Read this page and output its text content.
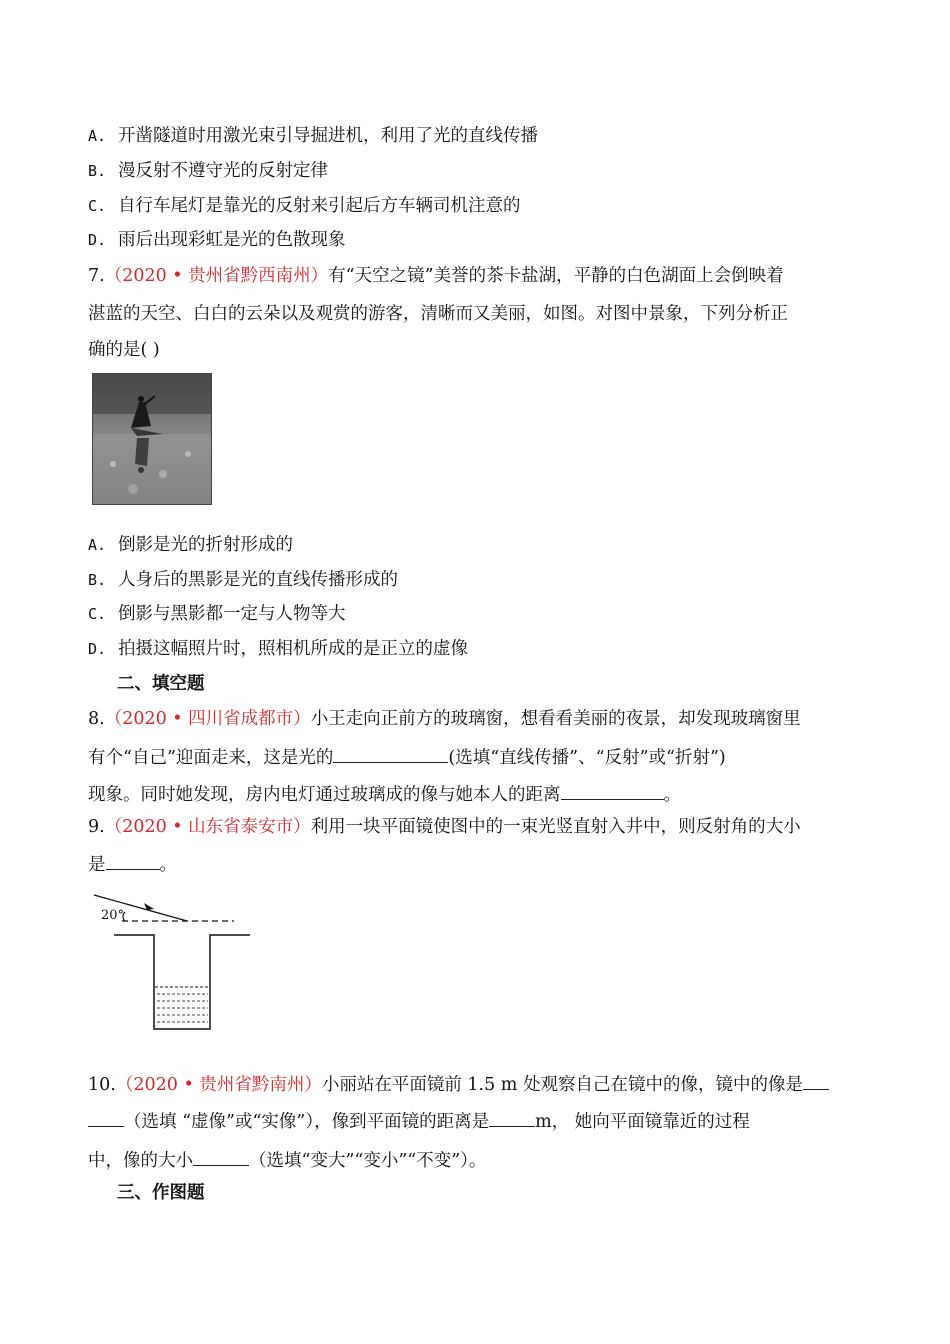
A. 开凿隧道时用激光束引导掘进机，利用了光的直线传播
B. 漫反射不遵守光的反射定律
C. 自行车尾灯是靠光的反射来引起后方车辆司机注意的
D. 雨后出现彩虹是光的色散现象
7.（2020 • 贵州省黔西南州）有“天空之镜”美誉的茶卡盐湖，平静的白色湖面上会倒映着
湛蓝的天空、白白的云朵以及观赏的游客，清晰而又美丽，如图。对图中景象，下列分析正
确的是( )
A. 倒影是光的折射形成的
B. 人身后的黑影是光的直线传播形成的
C. 倒影与黑影都一定与人物等大
D. 拍摄这幅照片时，照相机所成的是正立的虚像
二、填空题
8.（2020 • 四川省成都市）小王走向正前方的玻璃窗，想看看美丽的夜景，却发现玻璃窗里
有个“自己”迎面走来，这是光的	(选填“直线传播”、“反射”或“折射”)
现象。同时她发现，房内电灯通过玻璃成的像与她本人的距离	。
9.（2020 • 山东省泰安市）利用一块平面镜使图中的一束光竖直射入井中，则反射角的大小
是	。
20°
10.（2020 • 贵州省黔南州）小丽站在平面镜前 1.5 m 处观察自己在镜中的像，镜中的像是
（选填 “虚像”或“实像”），像到平面镜的距离是	m， 她向平面镜靠近的过程
中，像的大小	（选填“变大”“变小”“不变”）。
三、作图题
